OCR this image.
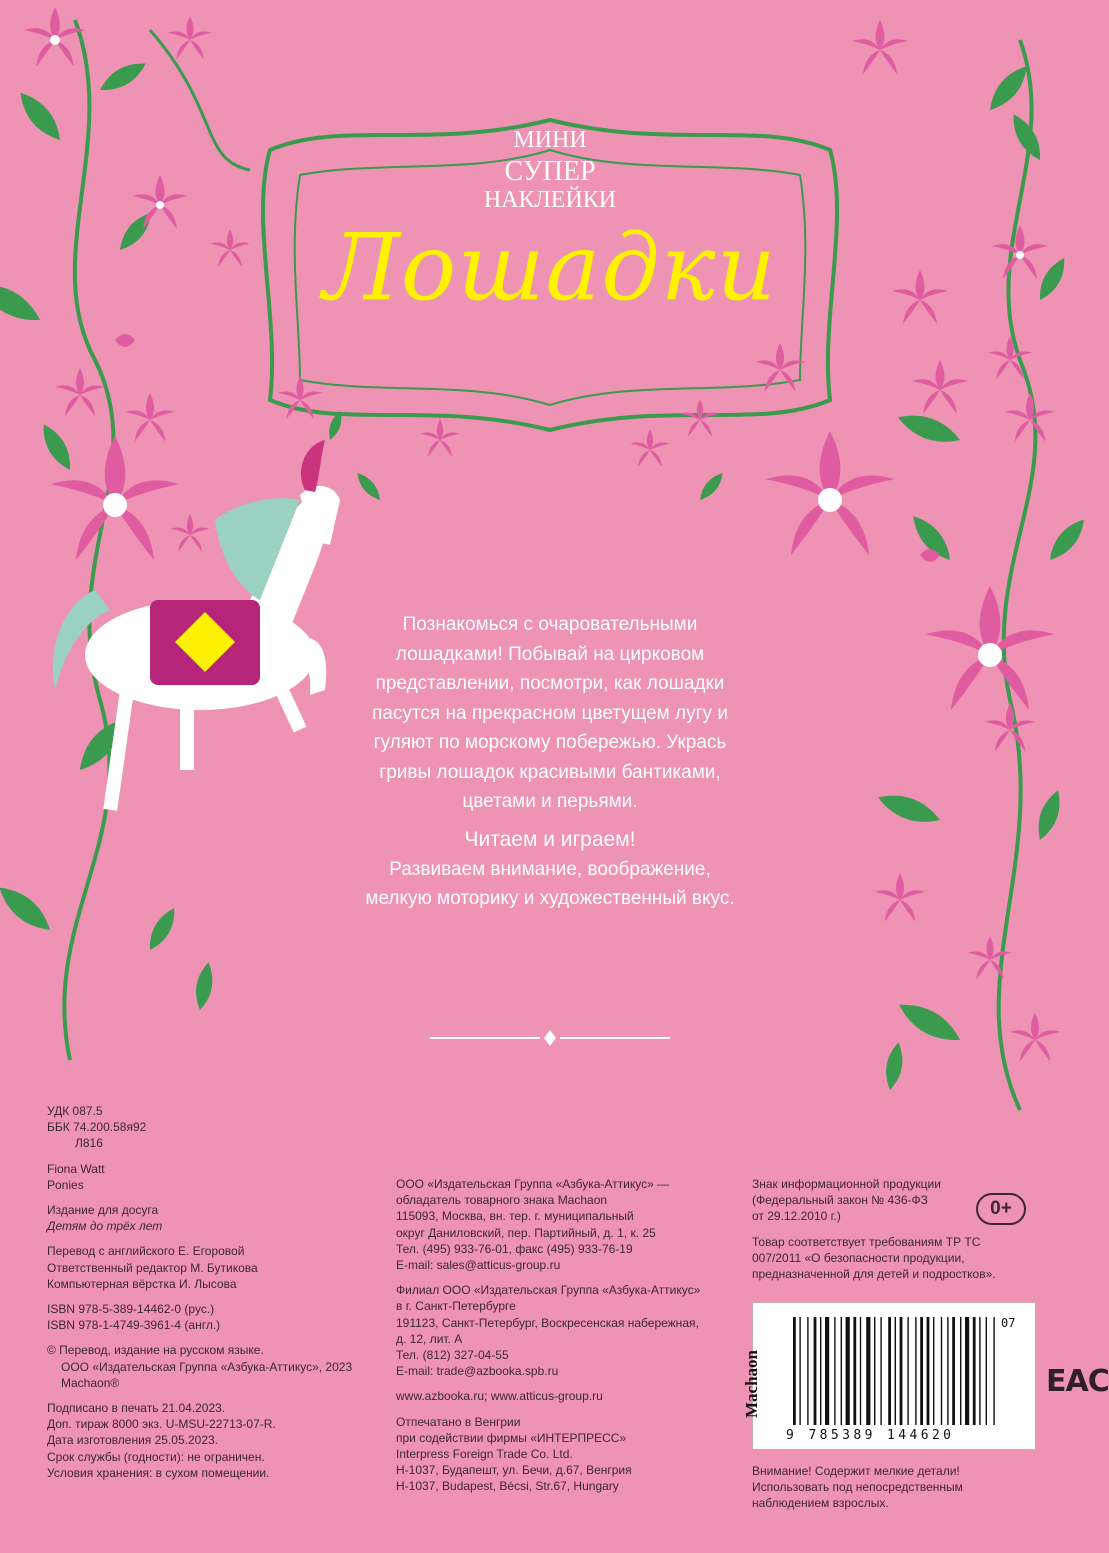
МИНИ
СУПЕР
НАКЛЕЙКИ
Лошадки

Познакомься с очаровательными лошадками! Побывай на цирковом представлении, посмотри, как лошадки пасутся на прекрасном цветущем лугу и гуляют по морскому побережью. Укрась гривы лошадок красивыми бантиками, цветами и перьями.

Читаем и играем!
Развиваем внимание, воображение, мелкую моторику и художественный вкус.
УДК 087.5
ББК 74.200.58я92
Л816
Fiona Watt
Ponies
Издание для досуга
Детям до трёх лет
Перевод с английского Е. Егоровой
Ответственный редактор М. Бутикова
Компьютерная вёрстка И. Лысова
ISBN 978-5-389-14462-0 (рус.)
ISBN 978-1-4749-3961-4 (англ.)
© Перевод, издание на русском языке.
ООО «Издательская Группа «Азбука-Аттикус», 2023
Machaon®
Подписано в печать 21.04.2023.
Доп. тираж 8000 экз. U-MSU-22713-07-R.
Дата изготовления 25.05.2023.
Срок службы (годности): не ограничен.
Условия хранения: в сухом помещении.
ООО «Издательская Группа «Азбука-Аттикус» —
обладатель товарного знака Machaon
115093, Москва, вн. тер. г. муниципальный
округ Даниловский, пер. Партийный, д. 1, к. 25
Тел. (495) 933-76-01, факс (495) 933-76-19
E-mail: sales@atticus-group.ru
Филиал ООО «Издательская Группа «Азбука-Аттикус»
в г. Санкт-Петербурге
191123, Санкт-Петербург, Воскресенская набережная,
д. 12, лит. А
Тел. (812) 327-04-55
E-mail: trade@azbooka.spb.ru
www.azbooka.ru; www.atticus-group.ru
Отпечатано в Венгрии
при содействии фирмы «ИНТЕРПРЕСС»
Interpress Foreign Trade Co. Ltd.
H-1037, Будапешт, ул. Бечи, д.67, Венгрия
H-1037, Budapest, Bécsi, Str.67, Hungary
Знак информационной продукции
(Федеральный закон № 436-ФЗ
от 29.12.2010 г.)
Товар соответствует требованиям ТР ТС
007/2011 «О безопасности продукции,
предназначенной для детей и подростков».
0+
Machaon
07
9 785389 144620
EAC
Внимание! Содержит мелкие детали!
Использовать под непосредственным
наблюдением взрослых.
